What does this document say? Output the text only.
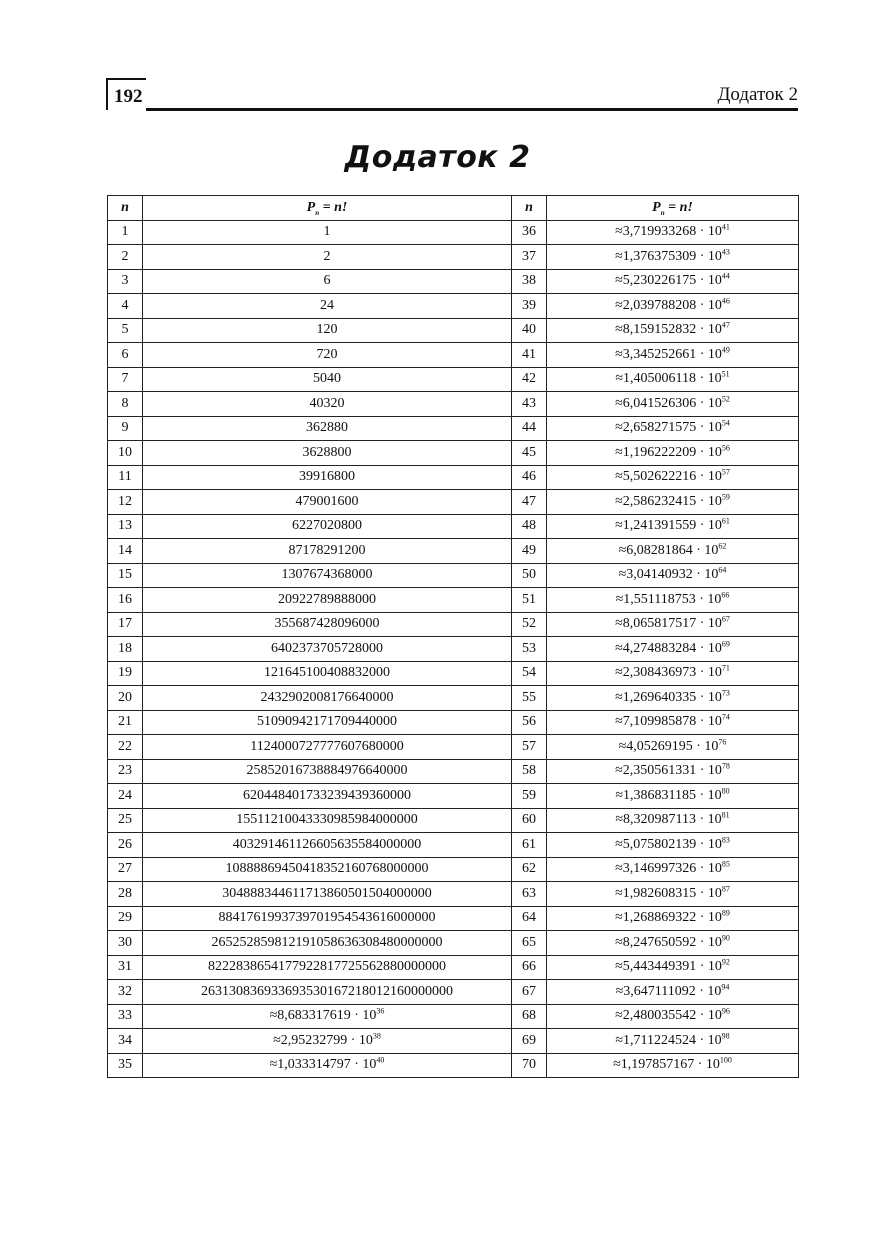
192	Додаток 2
Додаток 2
n	$P_n = n$!	n	$P_n = n$!
1	1	36	$\approx 3,719933268 \cdot 10^{41}$
2	2	37	$\approx 1,376375309 \cdot 10^{43}$
3	6	38	$\approx 5,230226175 \cdot 10^{44}$
4	24	39	$\approx 2,039788208 \cdot 10^{46}$
5	120	40	$\approx 8,159152832 \cdot 10^{47}$
6	720	41	$\approx 3,345252661 \cdot 10^{49}$
7	5040	42	$\approx 1,405006118 \cdot 10^{51}$
8	40320	43	$\approx 6,041526306 \cdot 10^{52}$
9	362880	44	$\approx 2,658271575 \cdot 10^{54}$
10	3628800	45	$\approx 1,196222209 \cdot 10^{56}$
11	39916800	46	$\approx 5,502622216 \cdot 10^{57}$
12	479001600	47	$\approx 2,586232415 \cdot 10^{59}$
13	6227020800	48	$\approx 1,241391559 \cdot 10^{61}$
14	87178291200	49	$\approx 6,08281864 \cdot 10^{62}$
15	1307674368000	50	$\approx 3,04140932 \cdot 10^{64}$
16	20922789888000	51	$\approx 1,551118753 \cdot 10^{66}$
17	355687428096000	52	$\approx 8,065817517 \cdot 10^{67}$
18	6402373705728000	53	$\approx 4,274883284 \cdot 10^{69}$
19	121645100408832000	54	$\approx 2,308436973 \cdot 10^{71}$
20	2432902008176640000	55	$\approx 1,269640335 \cdot 10^{73}$
21	51090942171709440000	56	$\approx 7,109985878 \cdot 10^{74}$
22	1124000727777607680000	57	$\approx 4,05269195 \cdot 10^{76}$
23	25852016738884976640000	58	$\approx 2,350561331 \cdot 10^{78}$
24	620448401733239439360000	59	$\approx 1,386831185 \cdot 10^{80}$
25	15511210043330985984000000	60	$\approx 8,320987113 \cdot 10^{81}$
26	403291461126605635584000000	61	$\approx 5,075802139 \cdot 10^{83}$
27	10888869450418352160768000000	62	$\approx 3,146997326 \cdot 10^{85}$
28	304888344611713860501504000000	63	$\approx 1,982608315 \cdot 10^{87}$
29	8841761993739701954543616000000	64	$\approx 1,268869322 \cdot 10^{89}$
30	265252859812191058636308480000000	65	$\approx 8,247650592 \cdot 10^{90}$
31	8222838654177922817725562880000000	66	$\approx 5,443449391 \cdot 10^{92}$
32	263130836933693530167218012160000000	67	$\approx 3,647111092 \cdot 10^{94}$
33	$\approx 8,683317619 \cdot 10^{36}$	68	$\approx 2,480035542 \cdot 10^{96}$
34	$\approx 2,95232799 \cdot 10^{38}$	69	$\approx 1,711224524 \cdot 10^{98}$
35	$\approx 1,033314797 \cdot 10^{40}$	70	$\approx 1,197857167 \cdot 10^{100}$
